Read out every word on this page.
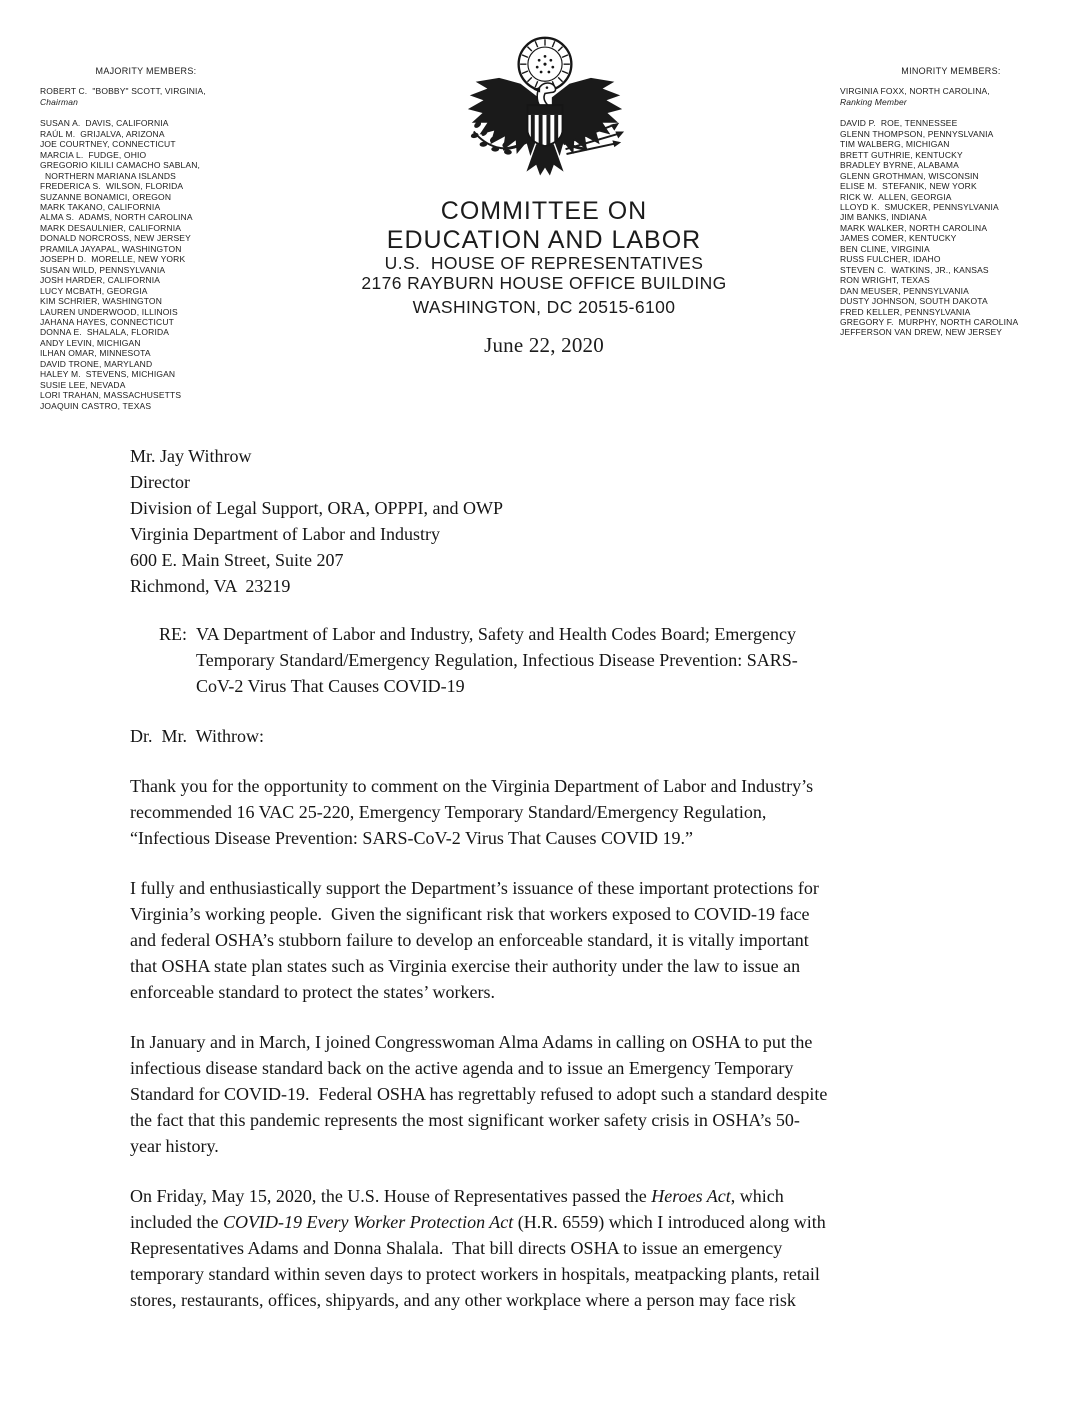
MAJORITY MEMBERS:
ROBERT C.  "BOBBY" SCOTT, VIRGINIA,
Chairman
SUSAN A.  DAVIS, CALIFORNIA
RAÚL M.  GRIJALVA, ARIZONA
JOE COURTNEY, CONNECTICUT
MARCIA L.  FUDGE, OHIO
GREGORIO KILILI CAMACHO SABLAN,
NORTHERN MARIANA ISLANDS
FREDERICA S.  WILSON, FLORIDA
SUZANNE BONAMICI, OREGON
MARK TAKANO, CALIFORNIA
ALMA S.  ADAMS, NORTH CAROLINA
MARK DESAULNIER, CALIFORNIA
DONALD NORCROSS, NEW JERSEY
PRAMILA JAYAPAL, WASHINGTON
JOSEPH D.  MORELLE, NEW YORK
SUSAN WILD, PENNSYLVANIA
JOSH HARDER, CALIFORNIA
LUCY MCBATH, GEORGIA
KIM SCHRIER, WASHINGTON
LAUREN UNDERWOOD, ILLINOIS
JAHANA HAYES, CONNECTICUT
DONNA E.  SHALALA, FLORIDA
ANDY LEVIN, MICHIGAN
ILHAN OMAR, MINNESOTA
DAVID TRONE, MARYLAND
HALEY M.  STEVENS, MICHIGAN
SUSIE LEE, NEVADA
LORI TRAHAN, MASSACHUSETTS
JOAQUIN CASTRO, TEXAS
MINORITY MEMBERS:
VIRGINIA FOXX, NORTH CAROLINA,
Ranking Member
DAVID P.  ROE, TENNESSEE
GLENN THOMPSON, PENNYSLVANIA
TIM WALBERG, MICHIGAN
BRETT GUTHRIE, KENTUCKY
BRADLEY BYRNE, ALABAMA
GLENN GROTHMAN, WISCONSIN
ELISE M.  STEFANIK, NEW YORK
RICK W.  ALLEN, GEORGIA
LLOYD K.  SMUCKER, PENNSYLVANIA
JIM BANKS, INDIANA
MARK WALKER, NORTH CAROLINA
JAMES COMER, KENTUCKY
BEN CLINE, VIRGINIA
RUSS FULCHER, IDAHO
STEVEN C.  WATKINS, JR., KANSAS
RON WRIGHT, TEXAS
DAN MEUSER, PENNSYLVANIA
DUSTY JOHNSON, SOUTH DAKOTA
FRED KELLER, PENNSYLVANIA
GREGORY F.  MURPHY, NORTH CAROLINA
JEFFERSON VAN DREW, NEW JERSEY
COMMITTEE ON
EDUCATION AND LABOR
U.S.  HOUSE OF REPRESENTATIVES
2176 RAYBURN HOUSE OFFICE BUILDING
WASHINGTON, DC 20515-6100
June 22, 2020
Mr. Jay Withrow
Director
Division of Legal Support, ORA, OPPPI, and OWP
Virginia Department of Labor and Industry
600 E. Main Street, Suite 207
Richmond, VA  23219
RE: VA Department of Labor and Industry, Safety and Health Codes Board; Emergency
Temporary Standard/Emergency Regulation, Infectious Disease Prevention: SARS-
CoV-2 Virus That Causes COVID-19
Dr.  Mr.  Withrow:
Thank you for the opportunity to comment on the Virginia Department of Labor and Industry’s
recommended 16 VAC 25-220, Emergency Temporary Standard/Emergency Regulation,
“Infectious Disease Prevention: SARS-CoV-2 Virus That Causes COVID 19.”
I fully and enthusiastically support the Department’s issuance of these important protections for
Virginia’s working people.  Given the significant risk that workers exposed to COVID-19 face
and federal OSHA’s stubborn failure to develop an enforceable standard, it is vitally important
that OSHA state plan states such as Virginia exercise their authority under the law to issue an
enforceable standard to protect the states’ workers.
In January and in March, I joined Congresswoman Alma Adams in calling on OSHA to put the
infectious disease standard back on the active agenda and to issue an Emergency Temporary
Standard for COVID-19.  Federal OSHA has regrettably refused to adopt such a standard despite
the fact that this pandemic represents the most significant worker safety crisis in OSHA’s 50-
year history.
On Friday, May 15, 2020, the U.S. House of Representatives passed the Heroes Act, which
included the COVID-19 Every Worker Protection Act (H.R. 6559) which I introduced along with
Representatives Adams and Donna Shalala.  That bill directs OSHA to issue an emergency
temporary standard within seven days to protect workers in hospitals, meatpacking plants, retail
stores, restaurants, offices, shipyards, and any other workplace where a person may face risk
